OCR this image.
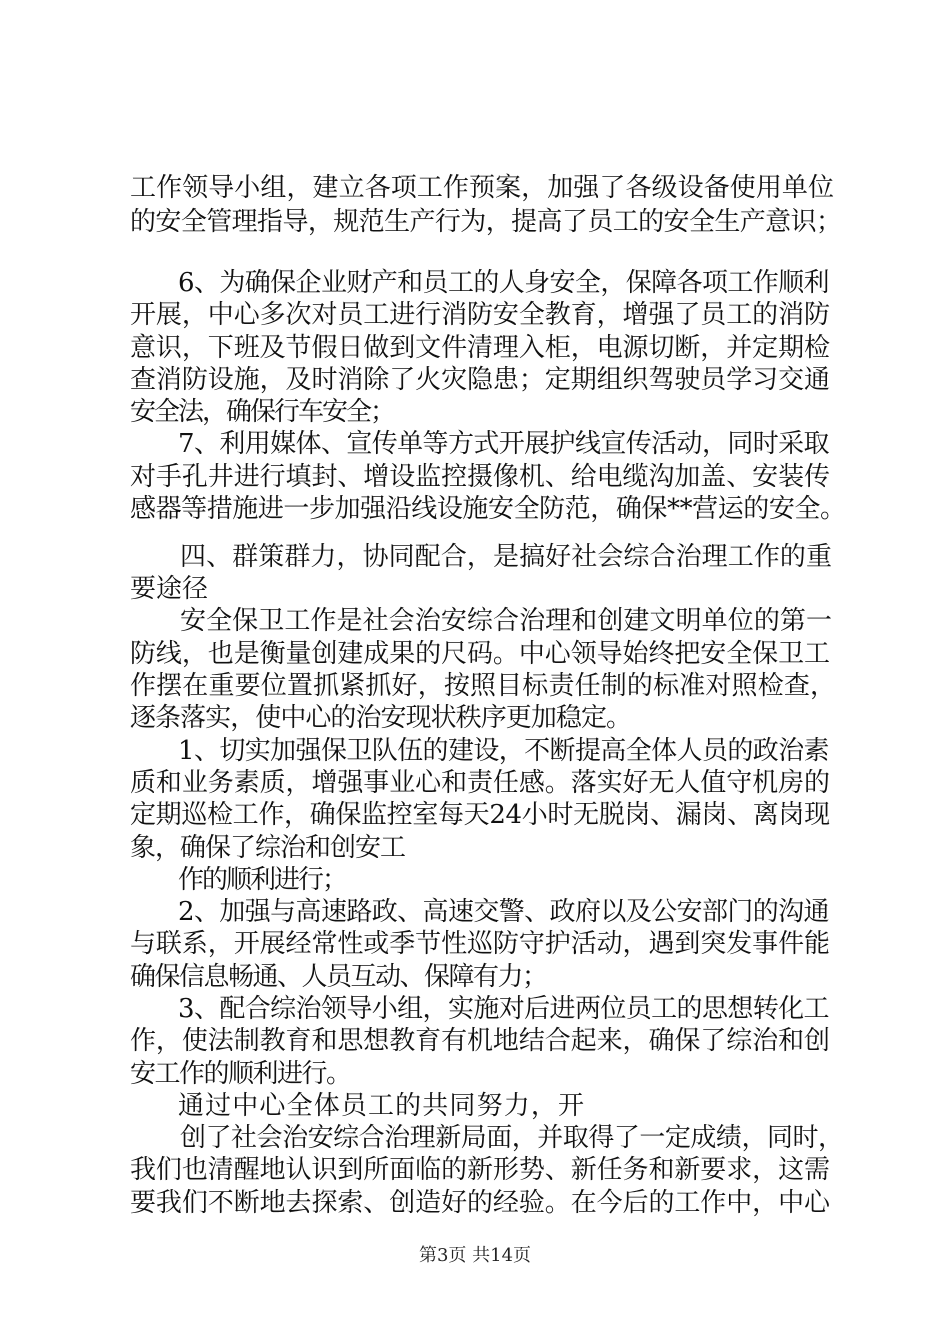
工作领导小组，建立各项工作预案，加强了各级设备使用单位
的安全管理指导，规范生产行为，提高了员工的安全生产意识；
6、为确保企业财产和员工的人身安全，保障各项工作顺利
开展，中心多次对员工进行消防安全教育，增强了员工的消防
意识，下班及节假日做到文件清理入柜，电源切断，并定期检
查消防设施，及时消除了火灾隐患；定期组织驾驶员学习交通
安全法，确保行车安全；
7、利用媒体、宣传单等方式开展护线宣传活动，同时采取
对手孔井进行填封、增设监控摄像机、给电缆沟加盖、安装传
感器等措施进一步加强沿线设施安全防范，确保**营运的安全。
四、群策群力，协同配合，是搞好社会综合治理工作的重
要途径
安全保卫工作是社会治安综合治理和创建文明单位的第一
防线，也是衡量创建成果的尺码。中心领导始终把安全保卫工
作摆在重要位置抓紧抓好，按照目标责任制的标准对照检查，
逐条落实，使中心的治安现状秩序更加稳定。
1、切实加强保卫队伍的建设，不断提高全体人员的政治素
质和业务素质，增强事业心和责任感。落实好无人值守机房的
定期巡检工作，确保监控室每天24小时无脱岗、漏岗、离岗现
象，确保了综治和创安工
作的顺利进行；
2、加强与高速路政、高速交警、政府以及公安部门的沟通
与联系，开展经常性或季节性巡防守护活动，遇到突发事件能
确保信息畅通、人员互动、保障有力；
3、配合综治领导小组，实施对后进两位员工的思想转化工
作，使法制教育和思想教育有机地结合起来，确保了综治和创
安工作的顺利进行。
通过中心全体员工的共同努力，开
创了社会治安综合治理新局面，并取得了一定成绩，同时，
我们也清醒地认识到所面临的新形势、新任务和新要求，这需
要我们不断地去探索、创造好的经验。在今后的工作中，中心
第3页 共14页
